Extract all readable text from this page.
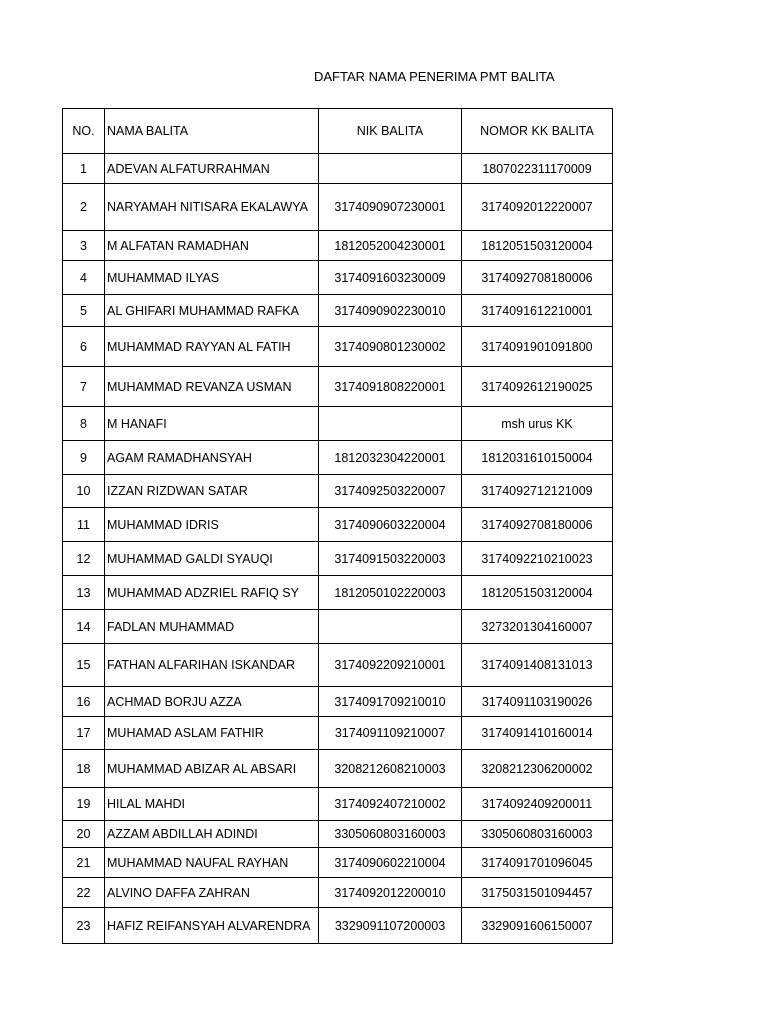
DAFTAR NAMA PENERIMA PMT BALITA
NO.	NAMA BALITA	NIK BALITA	NOMOR KK BALITA
1	ADEVAN ALFATURRAHMAN		1807022311170009
2	NARYAMAH NITISARA EKALAWYA	3174090907230001	3174092012220007
3	M ALFATAN RAMADHAN	1812052004230001	1812051503120004
4	MUHAMMAD ILYAS	3174091603230009	3174092708180006
5	AL GHIFARI MUHAMMAD RAFKA	3174090902230010	3174091612210001
6	MUHAMMAD RAYYAN AL FATIH	3174090801230002	3174091901091800
7	MUHAMMAD REVANZA USMAN	3174091808220001	3174092612190025
8	M HANAFI		msh urus KK
9	AGAM RAMADHANSYAH	1812032304220001	1812031610150004
10	IZZAN RIZDWAN SATAR	3174092503220007	3174092712121009
11	MUHAMMAD IDRIS	3174090603220004	3174092708180006
12	MUHAMMAD GALDI SYAUQI	3174091503220003	3174092210210023
13	MUHAMMAD ADZRIEL RAFIQ SY	1812050102220003	1812051503120004
14	FADLAN MUHAMMAD		3273201304160007
15	FATHAN ALFARIHAN ISKANDAR	3174092209210001	3174091408131013
16	ACHMAD BORJU AZZA	3174091709210010	3174091103190026
17	MUHAMAD ASLAM FATHIR	3174091109210007	3174091410160014
18	MUHAMMAD ABIZAR AL ABSARI	3208212608210003	3208212306200002
19	HILAL MAHDI	3174092407210002	3174092409200011
20	AZZAM ABDILLAH ADINDI	3305060803160003	3305060803160003
21	MUHAMMAD NAUFAL RAYHAN	3174090602210004	3174091701096045
22	ALVINO DAFFA ZAHRAN	3174092012200010	3175031501094457
23	HAFIZ REIFANSYAH ALVARENDRA	3329091107200003	3329091606150007
